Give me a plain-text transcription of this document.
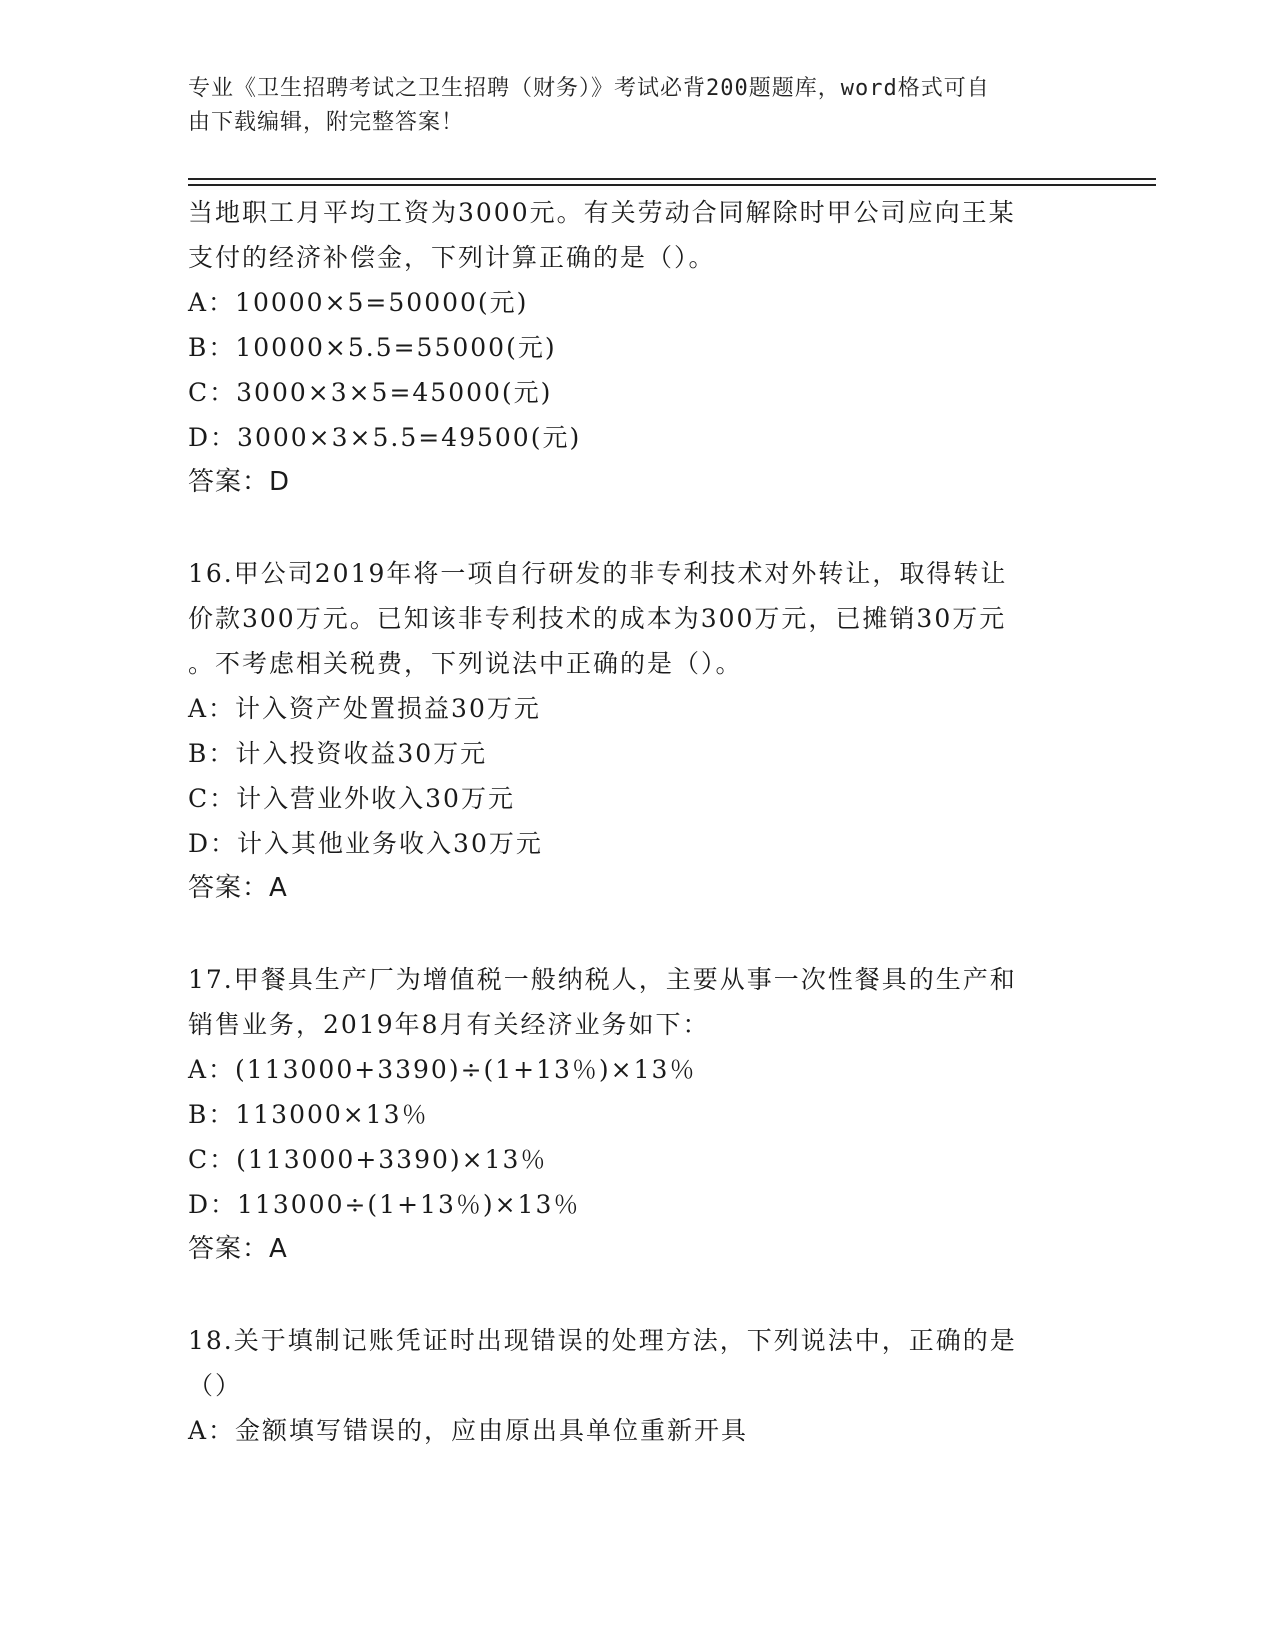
专业《卫生招聘考试之卫生招聘（财务）》考试必背200题题库，word格式可自
由下载编辑，附完整答案！
当地职工月平均工资为3000元。有关劳动合同解除时甲公司应向王某
支付的经济补偿金，下列计算正确的是（）。
A：10000×5=50000(元)
B：10000×5.5=55000(元)
C：3000×3×5=45000(元)
D：3000×3×5.5=49500(元)
答案：D
16.甲公司2019年将一项自行研发的非专利技术对外转让，取得转让
价款300万元。已知该非专利技术的成本为300万元，已摊销30万元
。不考虑相关税费，下列说法中正确的是（）。
A：计入资产处置损益30万元
B：计入投资收益30万元
C：计入营业外收入30万元
D：计入其他业务收入30万元
答案：A
17.甲餐具生产厂为增值税一般纳税人，主要从事一次性餐具的生产和
销售业务，2019年8月有关经济业务如下：
A：(113000+3390)÷(1+13％)×13％
B：113000×13％
C：(113000+3390)×13％
D：113000÷(1+13％)×13％
答案：A
18.关于填制记账凭证时出现错误的处理方法，下列说法中，正确的是
（）
A：金额填写错误的，应由原出具单位重新开具
